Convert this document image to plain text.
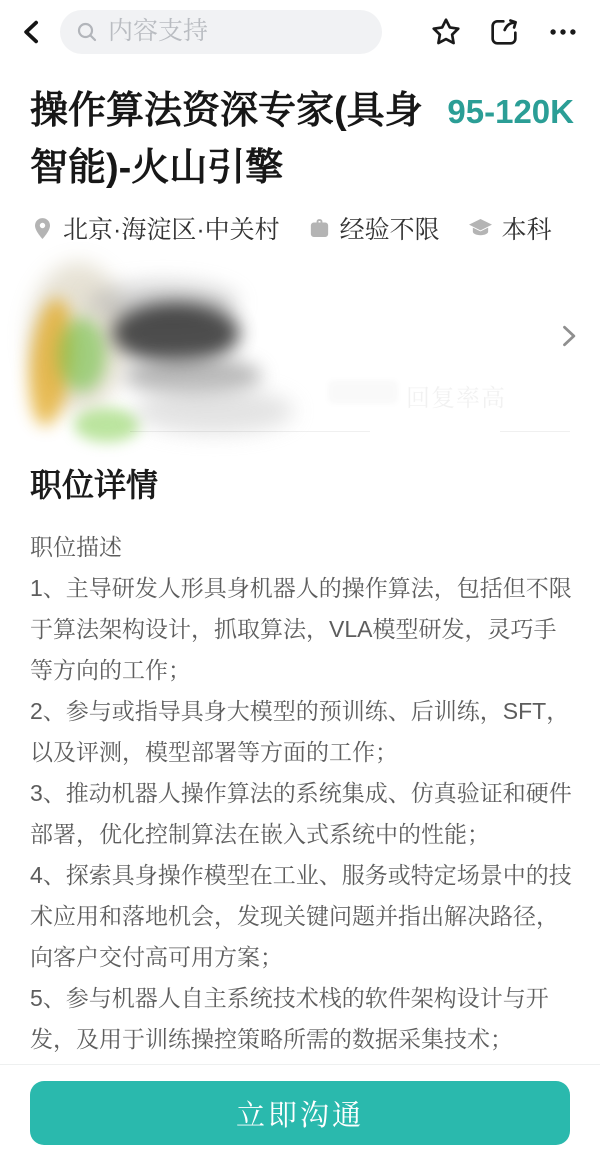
内容支持
操作算法资深专家(具身智能)-火山引擎
95-120K
北京·海淀区·中关村 经验不限 本科
回复率高
职位详情

职位描述

1、主导研发人形具身机器人的操作算法，包括但不限于算法架构设计，抓取算法，VLA模型研发，灵巧手等方向的工作；

2、参与或指导具身大模型的预训练、后训练，SFT，以及评测，模型部署等方面的工作；

3、推动机器人操作算法的系统集成、仿真验证和硬件部署，优化控制算法在嵌入式系统中的性能；

4、探索具身操作模型在工业、服务或特定场景中的技术应用和落地机会，发现关键问题并指出解决路径，向客户交付高可用方案；

5、参与机器人自主系统技术栈的软件架构设计与开发，及用于训练操控策略所需的数据采集技术；

立即沟通
